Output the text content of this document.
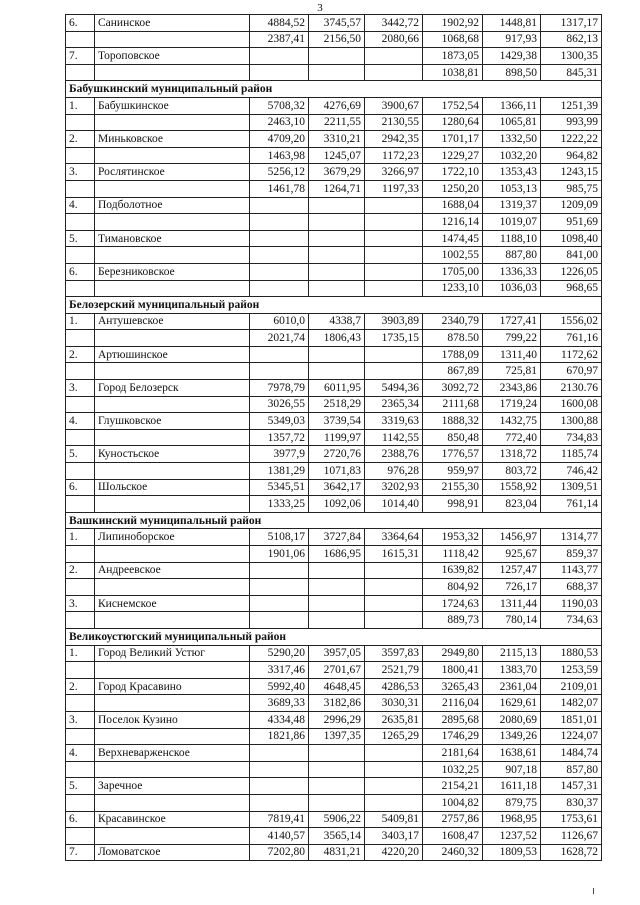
3
6.	Санинское	4884,52	3745,57	3442,72	1902,92	1448,81	1317,17
		2387,41	2156,50	2080,66	1068,68	917,93	862,13
7.	Тороповское				1873,05	1429,38	1300,35
					1038,81	898,50	845,31
Бабушкинский муниципальный район							
1.	Бабушкинское	5708,32	4276,69	3900,67	1752,54	1366,11	1251,39
		2463,10	2211,55	2130,55	1280,64	1065,81	993,99
2.	Миньковское	4709,20	3310,21	2942,35	1701,17	1332,50	1222,22
		1463,98	1245,07	1172,23	1229,27	1032,20	964,82
3.	Рослятинское	5256,12	3679,29	3266,97	1722,10	1353,43	1243,15
		1461,78	1264,71	1197,33	1250,20	1053,13	985,75
4.	Подболотное				1688,04	1319,37	1209,09
					1216,14	1019,07	951,69
5.	Тимановское				1474,45	1188,10	1098,40
					1002,55	887,80	841,00
6.	Березниковское				1705,00	1336,33	1226,05
					1233,10	1036,03	968,65
Белозерский муниципальный район							
1.	Антушевское	6010,0	4338,7	3903,89	2340,79	1727,41	1556,02
		2021,74	1806,43	1735,15	878.50	799,22	761,16
2.	Артюшинское				1788,09	1311,40	1172,62
					867,89	725,81	670,97
3.	Город Белозерск	7978,79	6011,95	5494,36	3092,72	2343,86	2130.76
		3026,55	2518,29	2365,34	2111,68	1719,24	1600,08
4.	Глушковское	5349,03	3739,54	3319,63	1888,32	1432,75	1300,88
		1357,72	1199,97	1142,55	850,48	772,40	734,83
5.	Куностьское	3977,9	2720,76	2388,76	1776,57	1318,72	1185,74
		1381,29	1071,83	976,28	959,97	803,72	746,42
6.	Шольское	5345,51	3642,17	3202,93	2155,30	1558,92	1309,51
		1333,25	1092,06	1014,40	998,91	823,04	761,14
Вашкинский муниципальный район							
1.	Липиноборское	5108,17	3727,84	3364,64	1953,32	1456,97	1314,77
		1901,06	1686,95	1615,31	1118,42	925,67	859,37
2.	Андреевское				1639,82	1257,47	1143,77
					804,92	726,17	688,37
3.	Киснемское				1724,63	1311,44	1190,03
					889,73	780,14	734,63
Великоустюгский муниципальный район							
1.	Город Великий Устюг	5290,20	3957,05	3597,83	2949,80	2115,13	1880,53
		3317,46	2701,67	2521,79	1800,41	1383,70	1253,59
2.	Город Красавино	5992,40	4648,45	4286,53	3265,43	2361,04	2109,01
		3689,33	3182,86	3030,31	2116,04	1629,61	1482,07
3.	Поселок Кузино	4334,48	2996,29	2635,81	2895,68	2080,69	1851,01
		1821,86	1397,35	1265,29	1746,29	1349,26	1224,07
4.	Верхневарженское				2181,64	1638,61	1484,74
					1032,25	907,18	857,80
5.	Заречное				2154,21	1611,18	1457,31
					1004,82	879,75	830,37
6.	Красавинское	7819,41	5906,22	5409,81	2757,86	1968,95	1753,61
		4140,57	3565,14	3403,17	1608,47	1237,52	1126,67
7.	Ломоватское	7202,80	4831,21	4220,20	2460,32	1809,53	1628,72
